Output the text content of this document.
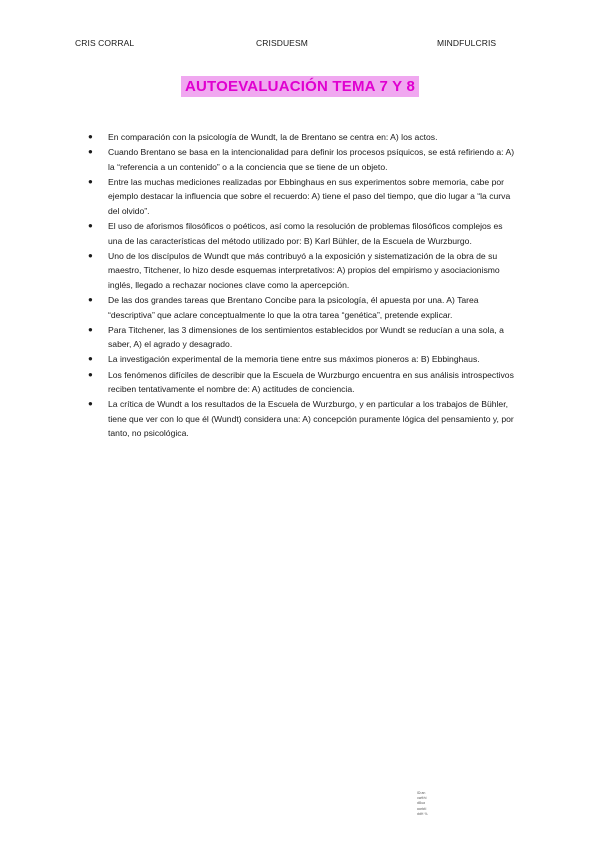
CRIS CORRAL	CRISDUESM	MINDFULCRIS
AUTOEVALUACIÓN TEMA 7 Y 8
● En comparación con la psicología de Wundt, la de Brentano se centra en: A) los actos.
● Cuando Brentano se basa en la intencionalidad para definir los procesos psíquicos, se está refiriendo a: A) la “referencia a un contenido” o a la conciencia que se tiene de un objeto.
● Entre las muchas mediciones realizadas por Ebbinghaus en sus experimentos sobre memoria, cabe por ejemplo destacar la influencia que sobre el recuerdo: A) tiene el paso del tiempo, que dio lugar a “la curva del olvido”.
● El uso de aforismos filosóficos o poéticos, así como la resolución de problemas filosóficos complejos es una de las características del método utilizado por: B) Karl Bühler, de la Escuela de Wurzburgo.
● Uno de los discípulos de Wundt que más contribuyó a la exposición y sistematización de la obra de su maestro, Titchener, lo hizo desde esquemas interpretativos: A) propios del empirismo y asociacionismo inglés, llegado a rechazar nociones clave como la apercepción.
● De las dos grandes tareas que Brentano Concibe para la psicología, él apuesta por una. A) Tarea “descriptiva” que aclare conceptualmente lo que la otra tarea “genética”, pretende explicar.
● Para Titchener, las 3 dimensiones de los sentimientos establecidos por Wundt se reducían a una sola, a saber, A) el agrado y desagrado.
● La investigación experimental de la memoria tiene entre sus máximos pioneros a: B) Ebbinghaus.
● Los fenómenos difíciles de describir que la Escuela de Wurzburgo encuentra en sus análisis introspectivos reciben tentativamente el nombre de: A) actitudes de conciencia.
● La crítica de Wundt a los resultados de la Escuela de Wurzburgo, y en particular a los trabajos de Bühler, tiene que ver con lo que él (Wundt) considera una: A) concepción puramente lógica del pensamiento y, por tanto, no psicológica.
ID:an
vwithi
d8ua
aarbtl
ddH %
